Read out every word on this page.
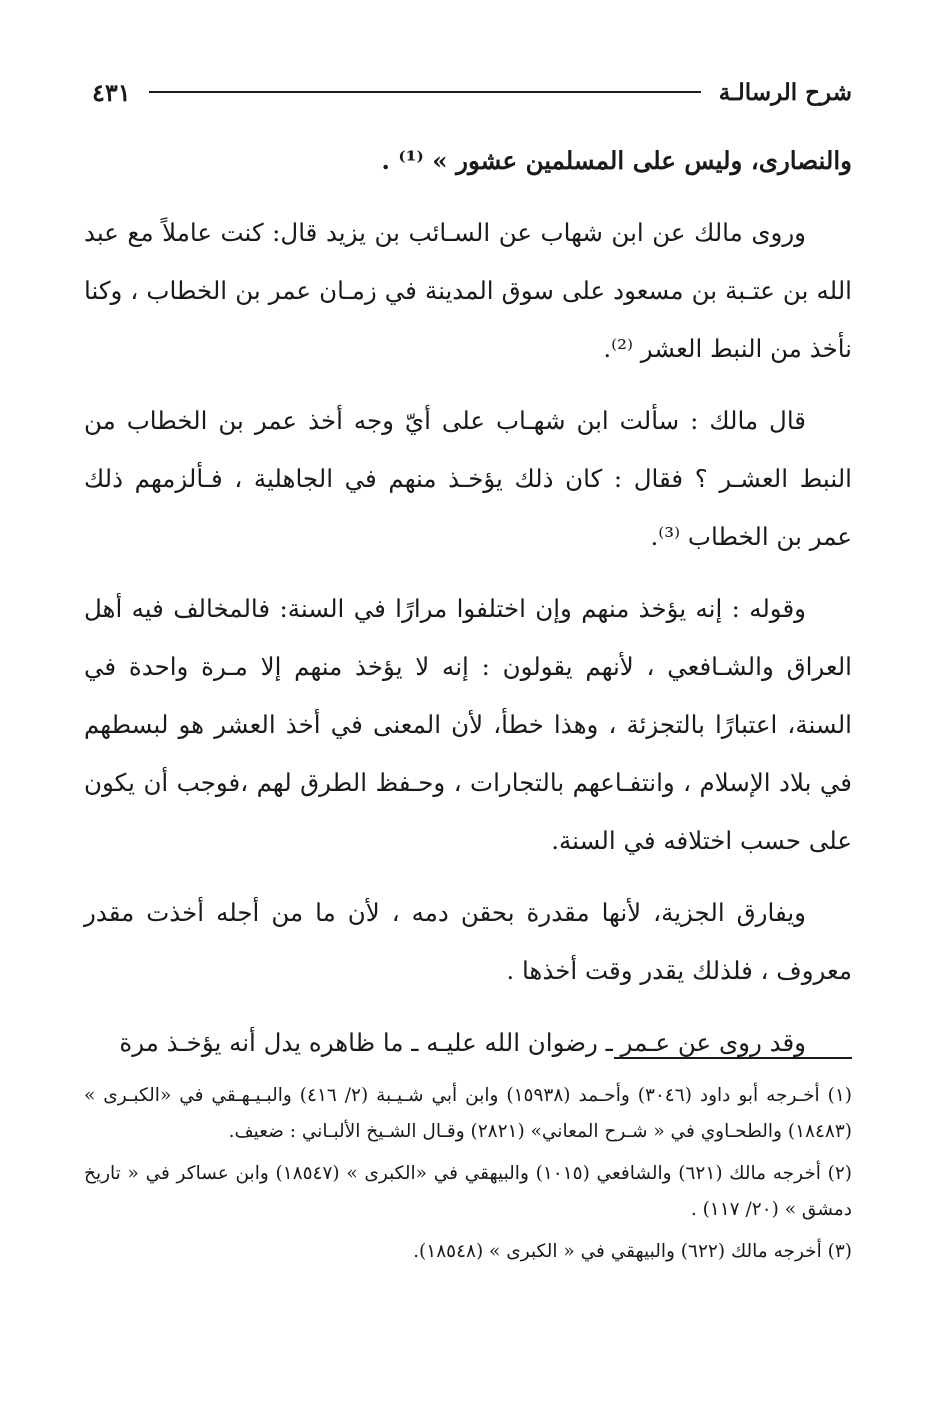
شرح الرسالـة
٤٣١

والنصارى، وليس على المسلمين عشور » ⁽¹⁾ .

وروى مالك عن ابن شهاب عن السـائب بن يزيد قال: كنت عاملاً مع عبد الله بن عتـبة بن مسعود على سوق المدينة في زمـان عمر بن الخطاب ، وكنا نأخذ من النبط العشر ⁽²⁾.

قال مالك : سألت ابن شهـاب على أيّ وجه أخذ عمر بن الخطاب من النبط العشـر ؟ فقال : كان ذلك يؤخـذ منهم في الجاهلية ، فـألزمهم ذلك عمر بن الخطاب ⁽³⁾.

وقوله : إنه يؤخذ منهم وإن اختلفوا مرارًا في السنة: فالمخالف فيه أهل العراق والشـافعي ، لأنهم يقولون : إنه لا يؤخذ منهم إلا مـرة واحدة في السنة، اعتبارًا بالتجزئة ، وهذا خطأ، لأن المعنى في أخذ العشر هو لبسطهم في بلاد الإسلام ، وانتفـاعهم بالتجارات ، وحـفظ الطرق لهم ،فوجب أن يكون على حسب اختلافه في السنة.

ويفارق الجزية، لأنها مقدرة بحقن دمه ، لأن ما من أجله أخذت مقدر معروف ، فلذلك يقدر وقت أخذها .

وقد روى عن عـمر ـ رضوان الله عليـه ـ ما ظاهره يدل أنه يؤخـذ مرة

(١) أخـرجه أبو داود (٣٠٤٦) وأحـمد (١٥٩٣٨) وابن أبي شـيـبة (٢/ ٤١٦) والبـيـهـقي في «الكبـرى » (١٨٤٨٣) والطحـاوي في « شـرح المعاني» (٢٨٢١) وقـال الشـيخ الألبـاني : ضعيف.

(٢) أخرجه مالك (٦٢١) والشافعي (١٠١٥) والبيهقي في «الكبرى » (١٨٥٤٧) وابن عساكر في « تاريخ دمشق » (٢٠/ ١١٧) .

(٣) أخرجه مالك (٦٢٢) والبيهقي في « الكبرى » (١٨٥٤٨).
